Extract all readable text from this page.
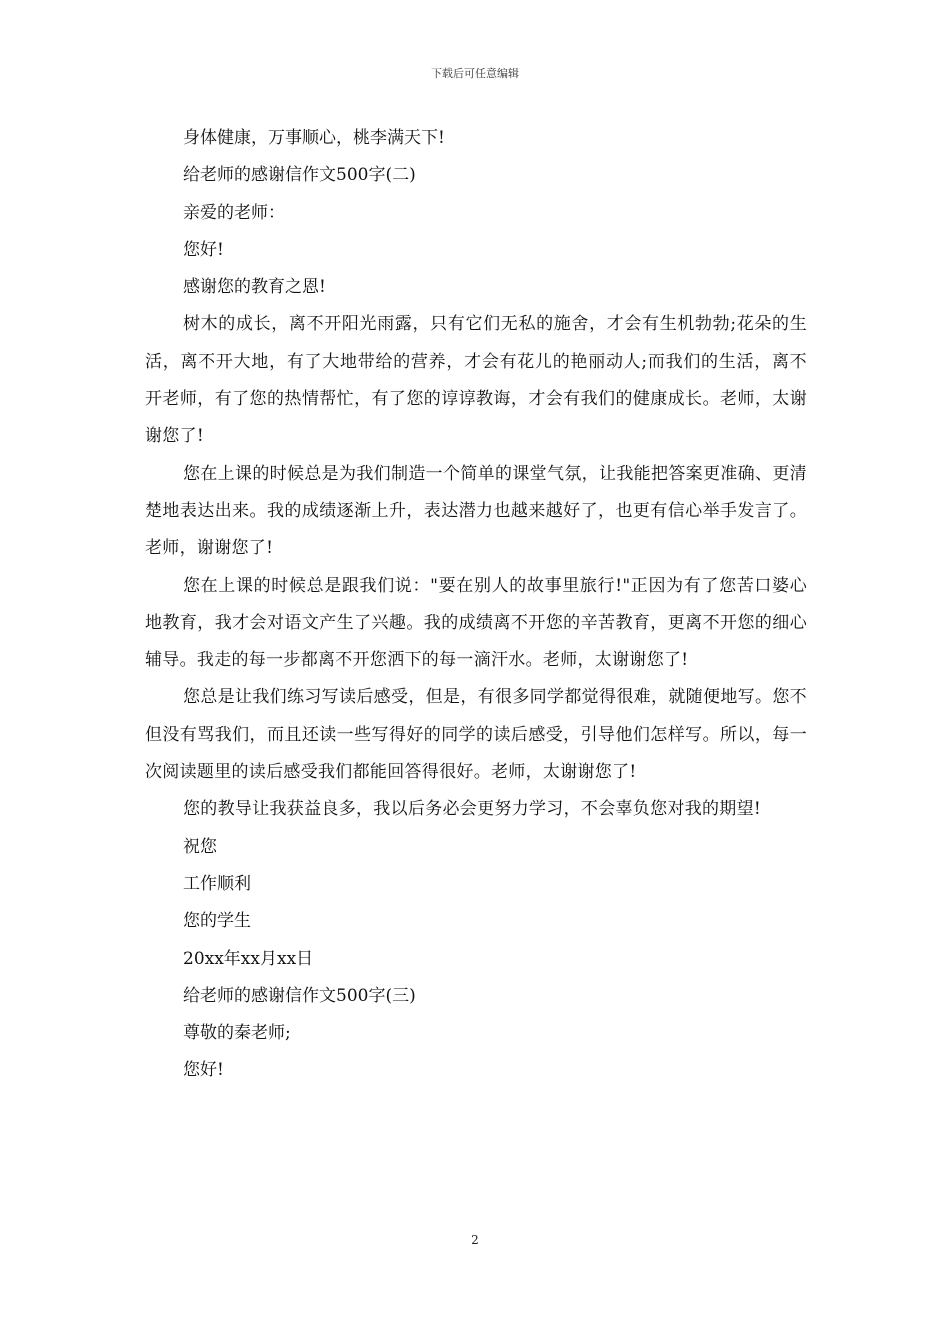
下载后可任意编辑
身体健康，万事顺心，桃李满天下!
给老师的感谢信作文500字(二)
亲爱的老师：
您好!
感谢您的教育之恩!

树木的成长，离不开阳光雨露，只有它们无私的施舍，才会有生机勃勃;花朵的生活，离不开大地，有了大地带给的营养，才会有花儿的艳丽动人;而我们的生活，离不开老师，有了您的热情帮忙，有了您的谆谆教诲，才会有我们的健康成长。老师，太谢谢您了!

您在上课的时候总是为我们制造一个简单的课堂气氛，让我能把答案更准确、更清楚地表达出来。我的成绩逐渐上升，表达潜力也越来越好了，也更有信心举手发言了。老师，谢谢您了!

您在上课的时候总是跟我们说："要在别人的故事里旅行!"正因为有了您苦口婆心地教育，我才会对语文产生了兴趣。我的成绩离不开您的辛苦教育，更离不开您的细心辅导。我走的每一步都离不开您洒下的每一滴汗水。老师，太谢谢您了!

您总是让我们练习写读后感受，但是，有很多同学都觉得很难，就随便地写。您不但没有骂我们，而且还读一些写得好的同学的读后感受，引导他们怎样写。所以，每一次阅读题里的读后感受我们都能回答得很好。老师，太谢谢您了!

您的教导让我获益良多，我以后务必会更努力学习，不会辜负您对我的期望!

祝您
工作顺利
您的学生
20xx年xx月xx日
给老师的感谢信作文500字(三)
尊敬的秦老师;
您好!
2
